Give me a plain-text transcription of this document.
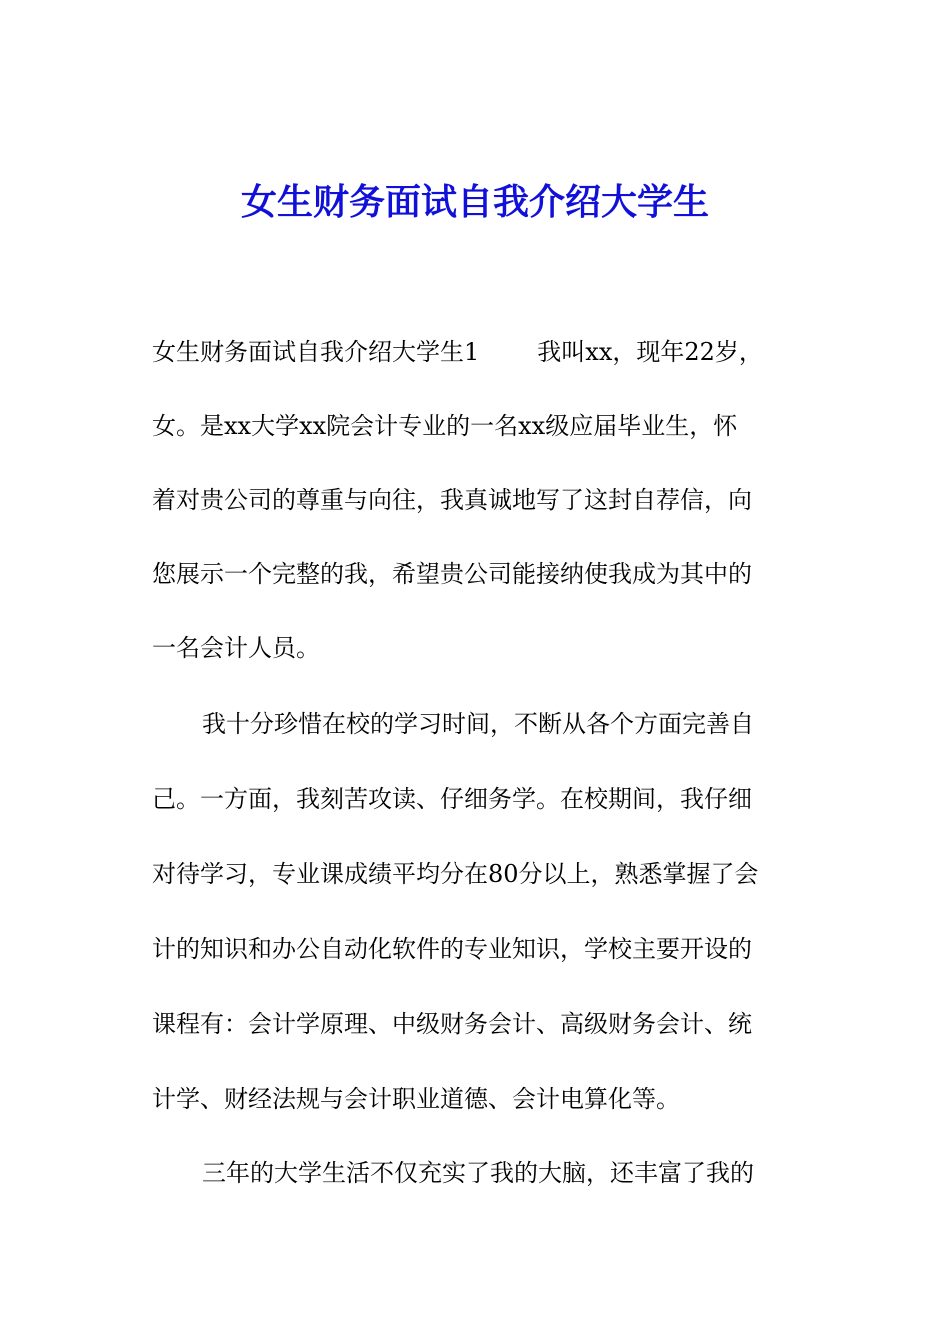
女生财务面试自我介绍大学生
女生财务面试自我介绍大学生1 我叫xx，现年22岁，
女。是xx大学xx院会计专业的一名xx级应届毕业生，怀
着对贵公司的尊重与向往，我真诚地写了这封自荐信，向
您展示一个完整的我，希望贵公司能接纳使我成为其中的
一名会计人员。
我十分珍惜在校的学习时间，不断从各个方面完善自
己。一方面，我刻苦攻读、仔细务学。在校期间，我仔细
对待学习，专业课成绩平均分在80分以上，熟悉掌握了会
计的知识和办公自动化软件的专业知识，学校主要开设的
课程有：会计学原理、中级财务会计、高级财务会计、统
计学、财经法规与会计职业道德、会计电算化等。
三年的大学生活不仅充实了我的大脑，还丰富了我的
